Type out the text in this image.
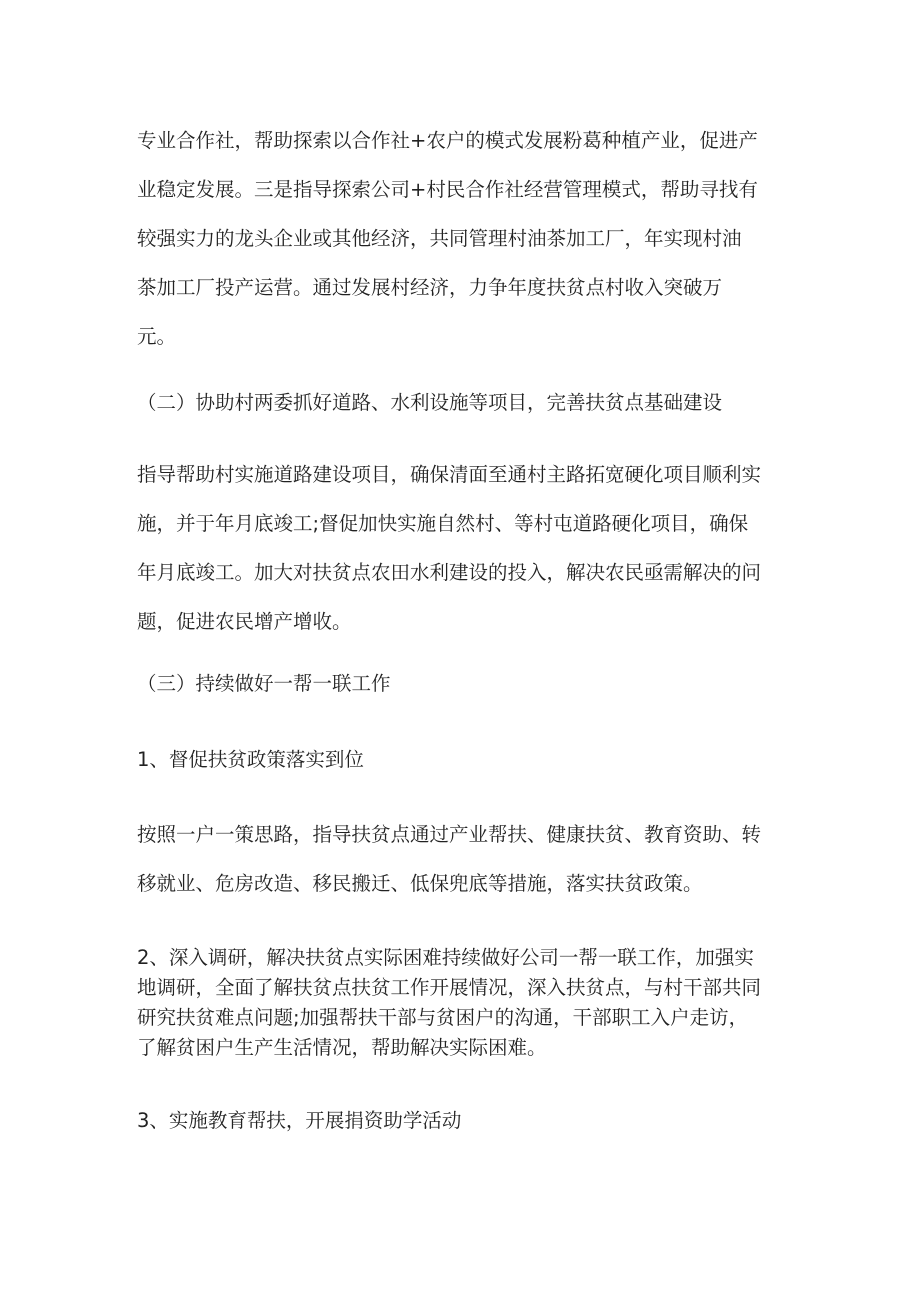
专业合作社，帮助探索以合作社+农户的模式发展粉葛种植产业，促进产
业稳定发展。三是指导探索公司+村民合作社经营管理模式，帮助寻找有
较强实力的龙头企业或其他经济，共同管理村油茶加工厂，年实现村油
茶加工厂投产运营。通过发展村经济，力争年度扶贫点村收入突破万
元。
（二）协助村两委抓好道路、水利设施等项目，完善扶贫点基础建设
指导帮助村实施道路建设项目，确保清面至通村主路拓宽硬化项目顺利实
施，并于年月底竣工;督促加快实施自然村、等村屯道路硬化项目，确保
年月底竣工。加大对扶贫点农田水利建设的投入，解决农民亟需解决的问
题，促进农民增产增收。
（三）持续做好一帮一联工作
1、督促扶贫政策落实到位
按照一户一策思路，指导扶贫点通过产业帮扶、健康扶贫、教育资助、转
移就业、危房改造、移民搬迁、低保兜底等措施，落实扶贫政策。
2、深入调研，解决扶贫点实际困难持续做好公司一帮一联工作，加强实
地调研，全面了解扶贫点扶贫工作开展情况，深入扶贫点，与村干部共同
研究扶贫难点问题;加强帮扶干部与贫困户的沟通，干部职工入户走访，
了解贫困户生产生活情况，帮助解决实际困难。
3、实施教育帮扶，开展捐资助学活动
